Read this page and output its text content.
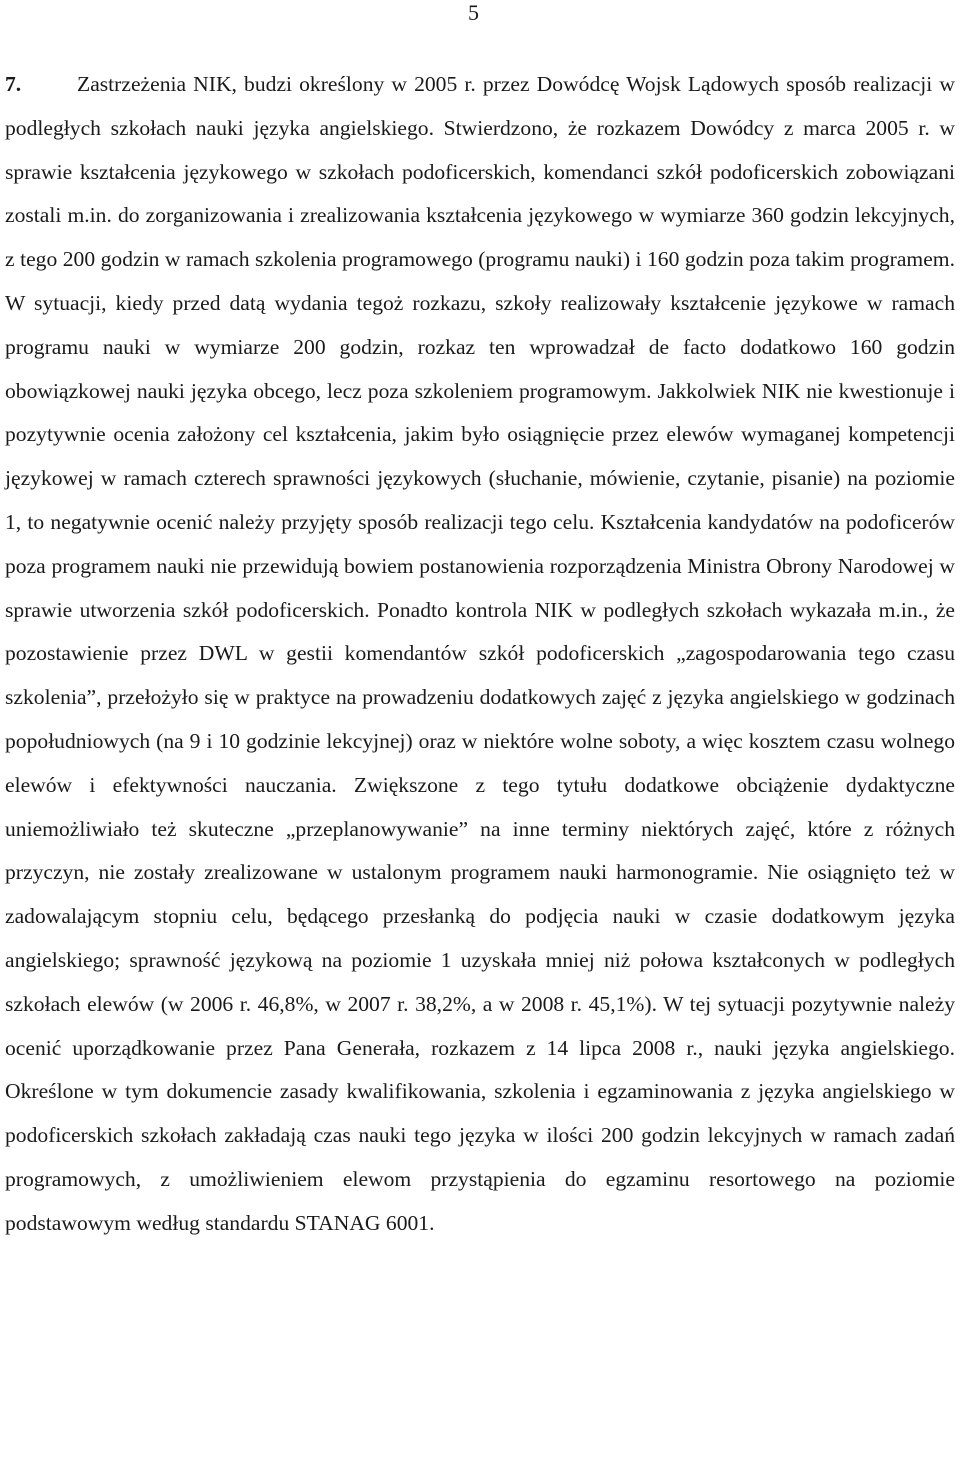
5

7.	Zastrzeżenia NIK, budzi określony w 2005 r. przez Dowódcę Wojsk Lądowych sposób realizacji w podległych szkołach nauki języka angielskiego. Stwierdzono, że rozkazem Dowódcy z marca 2005 r. w sprawie kształcenia językowego w szkołach podoficerskich, komendanci szkół podoficerskich zobowiązani zostali m.in. do zorganizowania i zrealizowania kształcenia językowego w wymiarze 360 godzin lekcyjnych, z tego 200 godzin w ramach szkolenia programowego (programu nauki) i 160 godzin poza takim programem. W sytuacji, kiedy przed datą wydania tegoż rozkazu, szkoły realizowały kształcenie językowe w ramach programu nauki w wymiarze 200 godzin, rozkaz ten wprowadzał de facto dodatkowo 160 godzin obowiązkowej nauki języka obcego, lecz poza szkoleniem programowym. Jakkolwiek NIK nie kwestionuje i pozytywnie ocenia założony cel kształcenia, jakim było osiągnięcie przez elewów wymaganej kompetencji językowej w ramach czterech sprawności językowych (słuchanie, mówienie, czytanie, pisanie) na poziomie 1, to negatywnie ocenić należy przyjęty sposób realizacji tego celu. Kształcenia kandydatów na podoficerów poza programem nauki nie przewidują bowiem postanowienia rozporządzenia Ministra Obrony Narodowej w sprawie utworzenia szkół podoficerskich. Ponadto kontrola NIK w podległych szkołach wykazała m.in., że pozostawienie przez DWL w gestii komendantów szkół podoficerskich „zagospodarowania tego czasu szkolenia”, przełożyło się w praktyce na prowadzeniu dodatkowych zajęć z języka angielskiego w godzinach popołudniowych (na 9 i 10 godzinie lekcyjnej) oraz w niektóre wolne soboty, a więc kosztem czasu wolnego elewów i efektywności nauczania. Zwiększone z tego tytułu dodatkowe obciążenie dydaktyczne uniemożliwiało też skuteczne „przeplanowywanie” na inne terminy niektórych zajęć, które z różnych przyczyn, nie zostały zrealizowane w ustalonym programem nauki harmonogramie. Nie osiągnięto też w zadowalającym stopniu celu, będącego przesłanką do podjęcia nauki w czasie dodatkowym języka angielskiego; sprawność językową na poziomie 1 uzyskała mniej niż połowa kształconych w podległych szkołach elewów (w 2006 r. 46,8%, w 2007 r. 38,2%, a w 2008 r. 45,1%). W tej sytuacji pozytywnie należy ocenić uporządkowanie przez Pana Generała, rozkazem z 14 lipca 2008 r., nauki języka angielskiego. Określone w tym dokumencie zasady kwalifikowania, szkolenia i egzaminowania z języka angielskiego w podoficerskich szkołach zakładają czas nauki tego języka w ilości 200 godzin lekcyjnych w ramach zadań programowych, z umożliwieniem elewom przystąpienia do egzaminu resortowego na poziomie podstawowym według standardu STANAG 6001.
